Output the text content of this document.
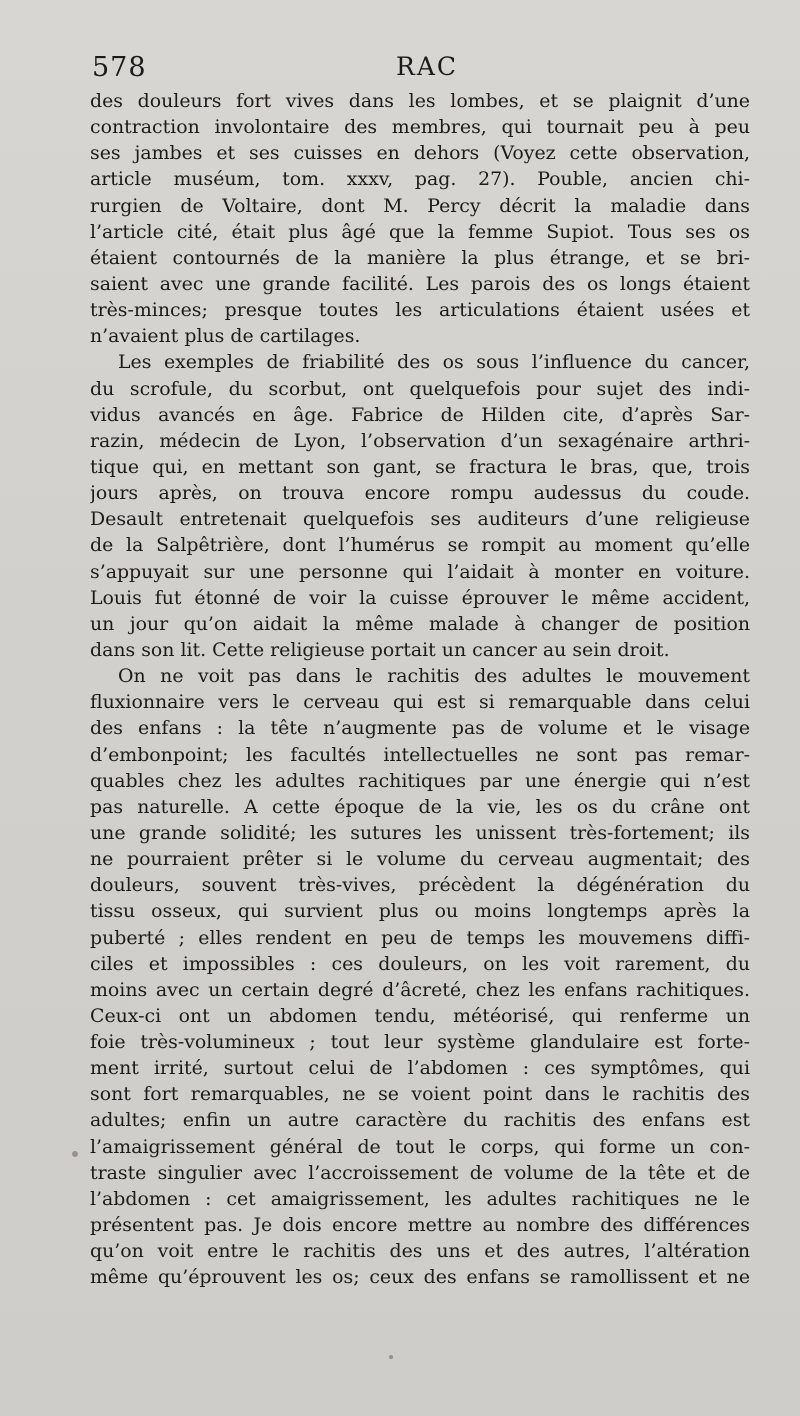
578	RAC
des douleurs fort vives dans les lombes, et se plaignit d’une
contraction involontaire des membres, qui tournait peu à peu
ses jambes et ses cuisses en dehors (Voyez cette observation,
article muséum, tom. xxxv, pag. 27). Pouble, ancien chi-
rurgien de Voltaire, dont M. Percy décrit la maladie dans
l’article cité, était plus âgé que la femme Supiot. Tous ses os
étaient contournés de la manière la plus étrange, et se bri-
saient avec une grande facilité. Les parois des os longs étaient
très-minces; presque toutes les articulations étaient usées et
n’avaient plus de cartilages.
Les exemples de friabilité des os sous l’influence du cancer,
du scrofule, du scorbut, ont quelquefois pour sujet des indi-
vidus avancés en âge. Fabrice de Hilden cite, d’après Sar-
razin, médecin de Lyon, l’observation d’un sexagénaire arthri-
tique qui, en mettant son gant, se fractura le bras, que, trois
jours après, on trouva encore rompu audessus du coude.
Desault entretenait quelquefois ses auditeurs d’une religieuse
de la Salpêtrière, dont l’humérus se rompit au moment qu’elle
s’appuyait sur une personne qui l’aidait à monter en voiture.
Louis fut étonné de voir la cuisse éprouver le même accident,
un jour qu’on aidait la même malade à changer de position
dans son lit. Cette religieuse portait un cancer au sein droit.
On ne voit pas dans le rachitis des adultes le mouvement
fluxionnaire vers le cerveau qui est si remarquable dans celui
des enfans : la tête n’augmente pas de volume et le visage
d’embonpoint; les facultés intellectuelles ne sont pas remar-
quables chez les adultes rachitiques par une énergie qui n’est
pas naturelle. A cette époque de la vie, les os du crâne ont
une grande solidité; les sutures les unissent très-fortement; ils
ne pourraient prêter si le volume du cerveau augmentait; des
douleurs, souvent très-vives, précèdent la dégénération du
tissu osseux, qui survient plus ou moins longtemps après la
puberté ; elles rendent en peu de temps les mouvemens diffi-
ciles et impossibles : ces douleurs, on les voit rarement, du
moins avec un certain degré d’âcreté, chez les enfans rachitiques.
Ceux-ci ont un abdomen tendu, météorisé, qui renferme un
foie très-volumineux ; tout leur système glandulaire est forte-
ment irrité, surtout celui de l’abdomen : ces symptômes, qui
sont fort remarquables, ne se voient point dans le rachitis des
adultes; enfin un autre caractère du rachitis des enfans est
l’amaigrissement général de tout le corps, qui forme un con-
traste singulier avec l’accroissement de volume de la tête et de
l’abdomen : cet amaigrissement, les adultes rachitiques ne le
présentent pas. Je dois encore mettre au nombre des différences
qu’on voit entre le rachitis des uns et des autres, l’altération
même qu’éprouvent les os; ceux des enfans se ramollissent et ne
